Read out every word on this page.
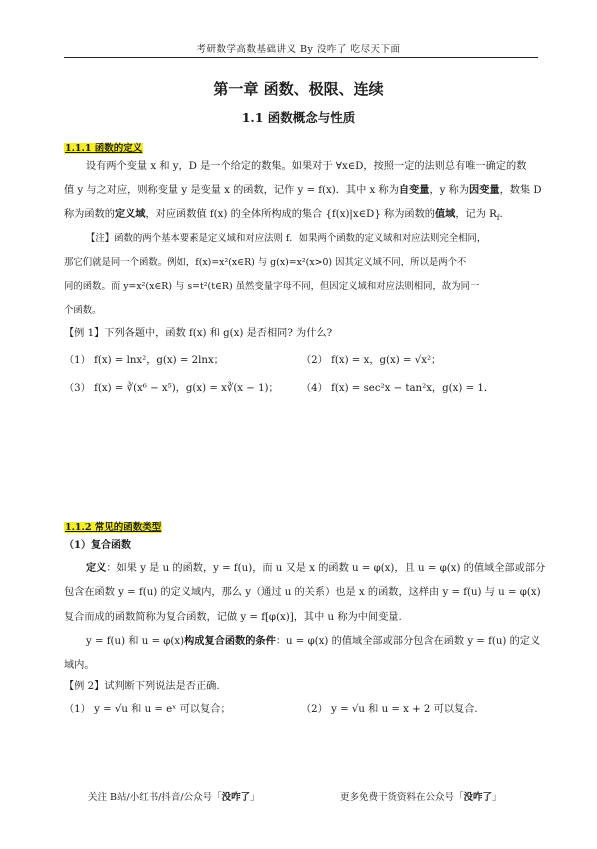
考研数学高数基础讲义 By 没咋了 吃尽天下面
第一章 函数、极限、连续
1.1 函数概念与性质
1.1.1 函数的定义
设有两个变量 x 和 y，D 是一个给定的数集。如果对于 ∀x∈D，按照一定的法则总有唯一确定的数
值 y 与之对应，则称变量 y 是变量 x 的函数，记作 y = f(x)．其中 x 称为自变量，y 称为因变量，数集 D
称为函数的定义域，对应函数值 f(x) 的全体所构成的集合 {f(x)|x∈D} 称为函数的值域，记为 $R_f$.
【注】函数的两个基本要素是定义域和对应法则 f．如果两个函数的定义域和对应法则完全相同，
那它们就是同一个函数。例如，f(x)=x²(x∈R) 与 g(x)=x²(x>0) 因其定义域不同，所以是两个不
同的函数。而 y=x²(x∈R) 与 s=t²(t∈R) 虽然变量字母不同，但因定义域和对应法则相同，故为同一
个函数。
【例 1】下列各题中，函数 f(x) 和 g(x) 是否相同? 为什么?
（1） f(x) = lnx²，g(x) = 2lnx；	（2） f(x) = x，g(x) = √x²；
（3） f(x) = ∛(x⁶ − x⁵)，g(x) = x∛(x − 1)； （4） f(x) = sec²x − tan²x，g(x) = 1．
1.1.2 常见的函数类型
（1）复合函数
定义：如果 y 是 u 的函数，y = f(u)，而 u 又是 x 的函数 u = φ(x)，且 u = φ(x) 的值域全部或部分
包含在函数 y = f(u) 的定义域内，那么 y（通过 u 的关系）也是 x 的函数，这样由 y = f(u) 与 u = φ(x)
复合而成的函数简称为复合函数，记做 y = f[φ(x)]，其中 u 称为中间变量.
y = f(u) 和 u = φ(x)构成复合函数的条件：u = φ(x) 的值域全部或部分包含在函数 y = f(u) 的定义
域内。
【例 2】试判断下列说法是否正确.
（1） y = √u 和 u = eˣ 可以复合；	（2） y = √u 和 u = x + 2 可以复合.
关注 B站/小红书/抖音/公众号「没咋了」	更多免费干货资料在公众号「没咋了」
